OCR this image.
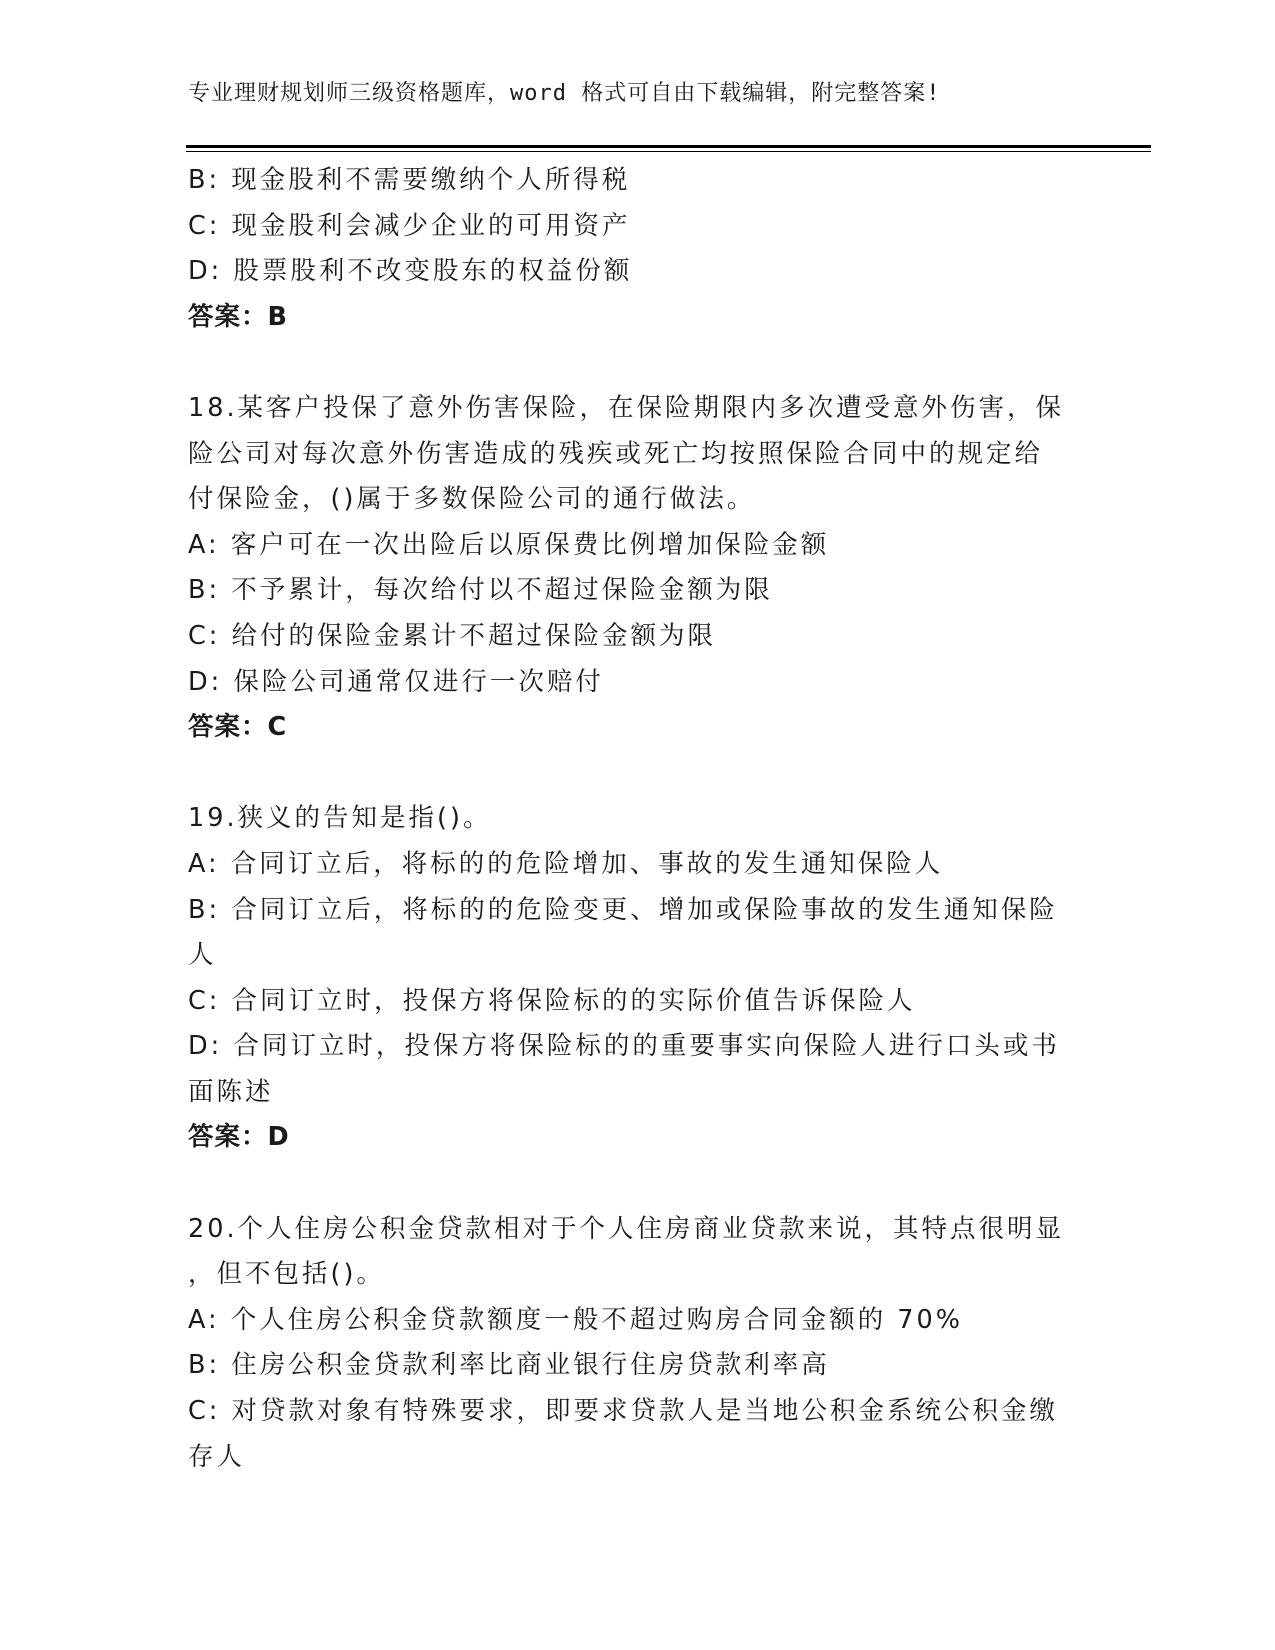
专业理财规划师三级资格题库，word 格式可自由下载编辑，附完整答案!
B: 现金股利不需要缴纳个人所得税
C: 现金股利会减少企业的可用资产
D: 股票股利不改变股东的权益份额
答案：B
18.某客户投保了意外伤害保险，在保险期限内多次遭受意外伤害，保
险公司对每次意外伤害造成的残疾或死亡均按照保险合同中的规定给
付保险金，()属于多数保险公司的通行做法。
A: 客户可在一次出险后以原保费比例增加保险金额
B: 不予累计，每次给付以不超过保险金额为限
C: 给付的保险金累计不超过保险金额为限
D: 保险公司通常仅进行一次赔付
答案：C
19.狭义的告知是指()。
A: 合同订立后，将标的的危险增加、事故的发生通知保险人
B: 合同订立后，将标的的危险变更、增加或保险事故的发生通知保险
人
C: 合同订立时，投保方将保险标的的实际价值告诉保险人
D: 合同订立时，投保方将保险标的的重要事实向保险人进行口头或书
面陈述
答案：D
20.个人住房公积金贷款相对于个人住房商业贷款来说，其特点很明显
，但不包括()。
A: 个人住房公积金贷款额度一般不超过购房合同金额的 70%
B: 住房公积金贷款利率比商业银行住房贷款利率高
C: 对贷款对象有特殊要求，即要求贷款人是当地公积金系统公积金缴
存人
